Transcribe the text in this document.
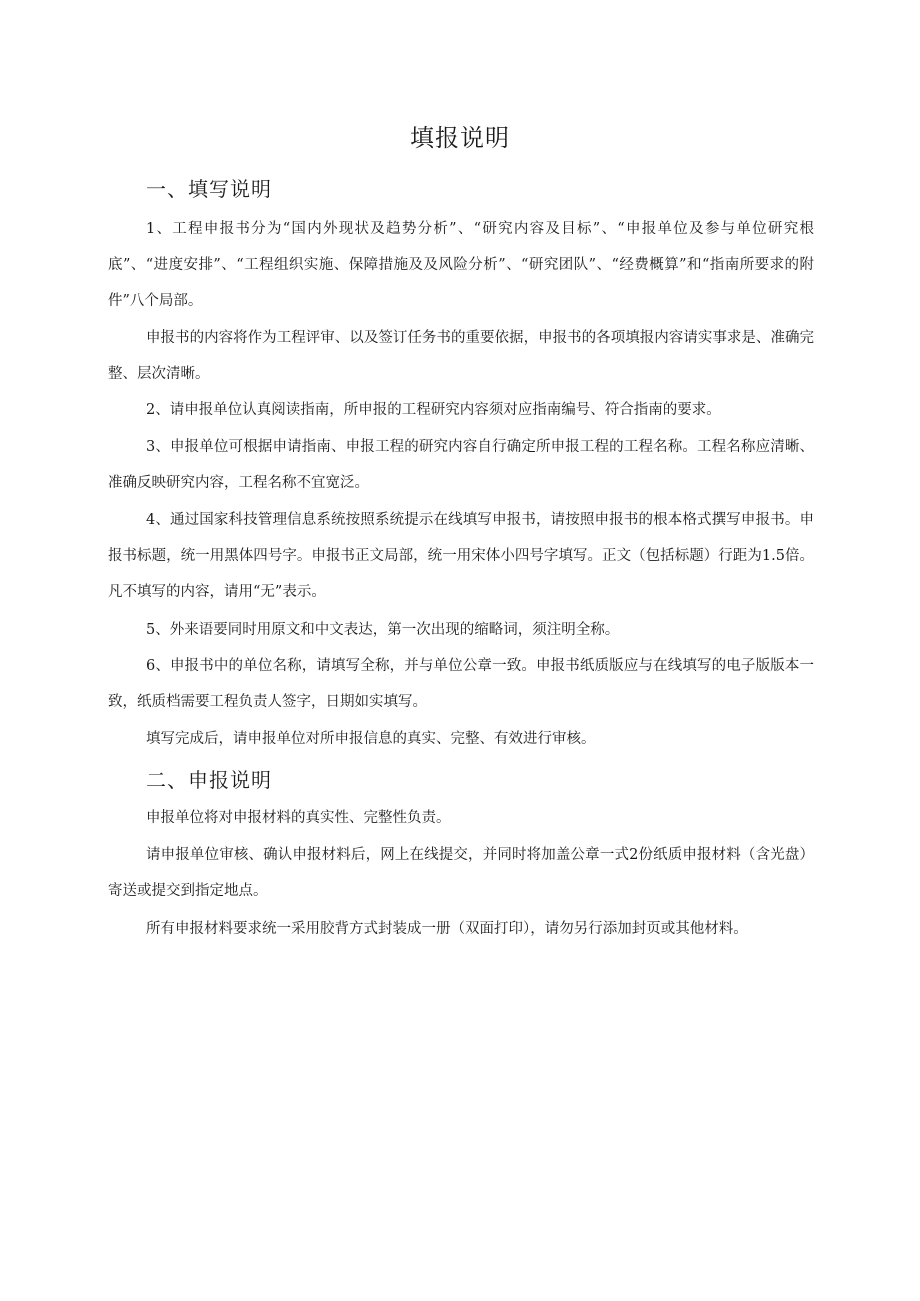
填报说明
一、填写说明

1、工程申报书分为“国内外现状及趋势分析”、“研究内容及目标”、“申报单位及参与单位研究根底”、“进度安排”、“工程组织实施、保障措施及及风险分析”、“研究团队”、“经费概算”和“指南所要求的附件”八个局部。

申报书的内容将作为工程评审、以及签订任务书的重要依据，申报书的各项填报内容请实事求是、准确完整、层次清晰。

2、请申报单位认真阅读指南，所申报的工程研究内容须对应指南编号、符合指南的要求。

3、申报单位可根据申请指南、申报工程的研究内容自行确定所申报工程的工程名称。工程名称应清晰、准确反映研究内容，工程名称不宜宽泛。

4、通过国家科技管理信息系统按照系统提示在线填写申报书，请按照申报书的根本格式撰写申报书。申报书标题，统一用黑体四号字。申报书正文局部，统一用宋体小四号字填写。正文（包括标题）行距为1.5倍。凡不填写的内容，请用“无”表示。

5、外来语要同时用原文和中文表达，第一次出现的缩略词，须注明全称。

6、申报书中的单位名称，请填写全称，并与单位公章一致。申报书纸质版应与在线填写的电子版版本一致，纸质档需要工程负责人签字，日期如实填写。

填写完成后，请申报单位对所申报信息的真实、完整、有效进行审核。

二、申报说明

申报单位将对申报材料的真实性、完整性负责。

请申报单位审核、确认申报材料后，网上在线提交，并同时将加盖公章一式2份纸质申报材料（含光盘）寄送或提交到指定地点。

所有申报材料要求统一采用胶背方式封装成一册（双面打印），请勿另行添加封页或其他材料。
